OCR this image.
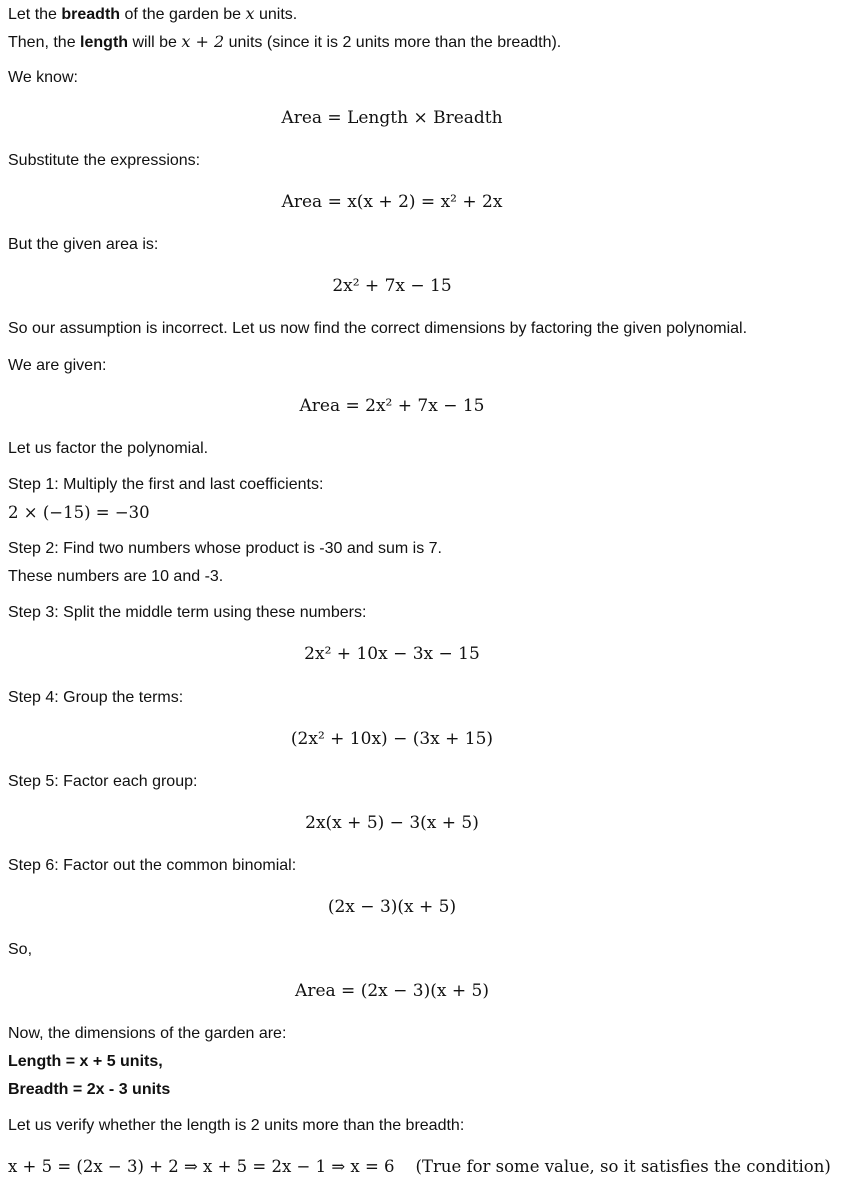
Let the breadth of the garden be x units.
Then, the length will be x + 2 units (since it is 2 units more than the breadth).
We know:
Area = Length × Breadth
Substitute the expressions:
Area = x(x + 2) = x² + 2x
But the given area is:
2x² + 7x − 15
So our assumption is incorrect. Let us now find the correct dimensions by factoring the given polynomial.
We are given:
Area = 2x² + 7x − 15
Let us factor the polynomial.
Step 1: Multiply the first and last coefficients:
2 × (−15) = −30
Step 2: Find two numbers whose product is -30 and sum is 7.
These numbers are 10 and -3.
Step 3: Split the middle term using these numbers:
2x² + 10x − 3x − 15
Step 4: Group the terms:
(2x² + 10x) − (3x + 15)
Step 5: Factor each group:
2x(x + 5) − 3(x + 5)
Step 6: Factor out the common binomial:
(2x − 3)(x + 5)
So,
Area = (2x − 3)(x + 5)
Now, the dimensions of the garden are:
Length = x + 5 units,
Breadth = 2x - 3 units
Let us verify whether the length is 2 units more than the breadth:
x + 5 = (2x − 3) + 2 ⇒ x + 5 = 2x − 1 ⇒ x = 6    (True for some value, so it satisfies the condition)
